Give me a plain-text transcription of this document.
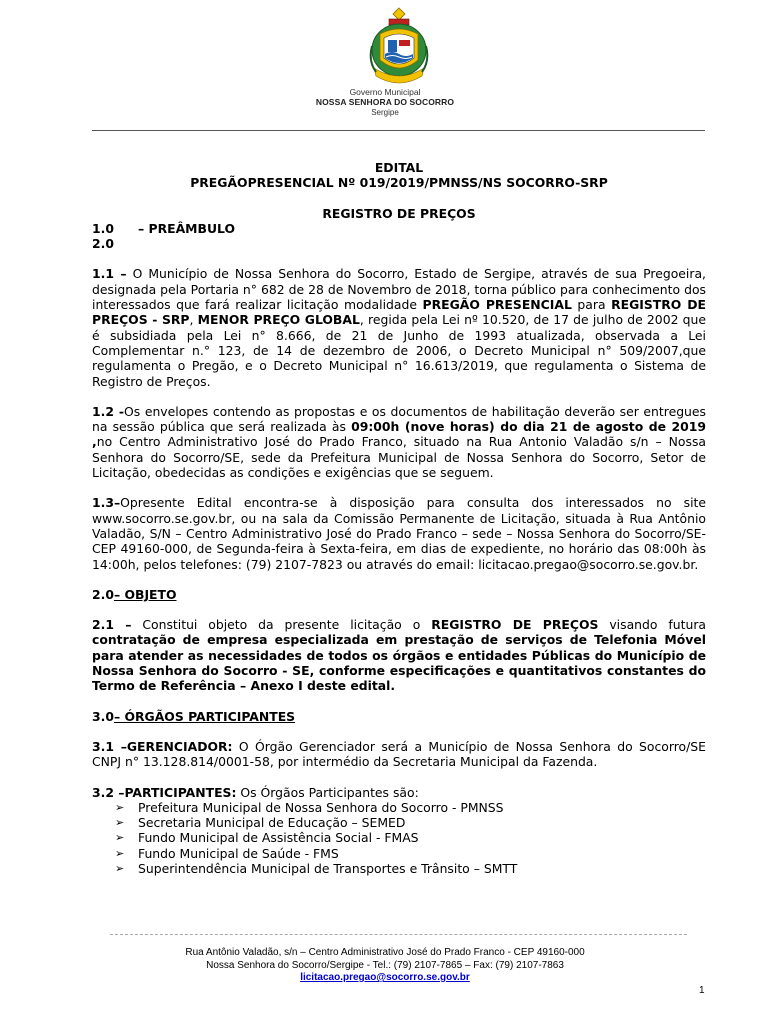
Governo Municipal
NOSSA SENHORA DO SOCORRO
Sergipe
EDITAL
PREGÃOPRESENCIAL Nº 019/2019/PMNSS/NS SOCORRO-SRP
REGISTRO DE PREÇOS
1.0	– PREÂMBULO
2.0

1.1 – O Município de Nossa Senhora do Socorro, Estado de Sergipe, através de sua Pregoeira, designada pela Portaria n° 682 de 28 de Novembro de 2018, torna público para conhecimento dos interessados que fará realizar licitação modalidade PREGÃO PRESENCIAL para REGISTRO DE PREÇOS - SRP, MENOR PREÇO GLOBAL, regida pela Lei nº 10.520, de 17 de julho de 2002 que é subsidiada pela Lei n° 8.666, de 21 de Junho de 1993 atualizada, observada a Lei Complementar n.° 123, de 14 de dezembro de 2006, o Decreto Municipal n° 509/2007,que regulamenta o Pregão, e o Decreto Municipal n° 16.613/2019, que regulamenta o Sistema de Registro de Preços.

1.2 -Os envelopes contendo as propostas e os documentos de habilitação deverão ser entregues na sessão pública que será realizada às 09:00h (nove horas) do dia 21 de agosto de 2019 ,no Centro Administrativo José do Prado Franco, situado na Rua Antonio Valadão s/n – Nossa Senhora do Socorro/SE, sede da Prefeitura Municipal de Nossa Senhora do Socorro, Setor de Licitação, obedecidas as condições e exigências que se seguem.

1.3–Opresente Edital encontra-se à disposição para consulta dos interessados no site www.socorro.se.gov.br, ou na sala da Comissão Permanente de Licitação, situada à Rua Antônio Valadão, S/N – Centro Administrativo José do Prado Franco – sede – Nossa Senhora do Socorro/SE- CEP 49160-000, de Segunda-feira à Sexta-feira, em dias de expediente, no horário das 08:00h às 14:00h, pelos telefones: (79) 2107-7823 ou através do email: licitacao.pregao@socorro.se.gov.br.

2.0– OBJETO

2.1 – Constitui objeto da presente licitação o REGISTRO DE PREÇOS visando futura contratação de empresa especializada em prestação de serviços de Telefonia Móvel para atender as necessidades de todos os órgãos e entidades Públicas do Município de Nossa Senhora do Socorro - SE, conforme especificações e quantitativos constantes do Termo de Referência – Anexo I deste edital.

3.0– ÓRGÃOS PARTICIPANTES

3.1 –GERENCIADOR: O Órgão Gerenciador será a Município de Nossa Senhora do Socorro/SE CNPJ n° 13.128.814/0001-58, por intermédio da Secretaria Municipal da Fazenda.

3.2 –PARTICIPANTES: Os Órgãos Participantes são:

➢	Prefeitura Municipal de Nossa Senhora do Socorro - PMNSS
➢	Secretaria Municipal de Educação – SEMED
➢	Fundo Municipal de Assistência Social - FMAS
➢	Fundo Municipal de Saúde - FMS
➢	Superintendência Municipal de Transportes e Trânsito – SMTT
Rua Antônio Valadão, s/n – Centro Administrativo José do Prado Franco - CEP 49160-000
Nossa Senhora do Socorro/Sergipe - Tel.: (79) 2107-7865 – Fax: (79) 2107-7863
licitacao.pregao@socorro.se.gov.br
1
